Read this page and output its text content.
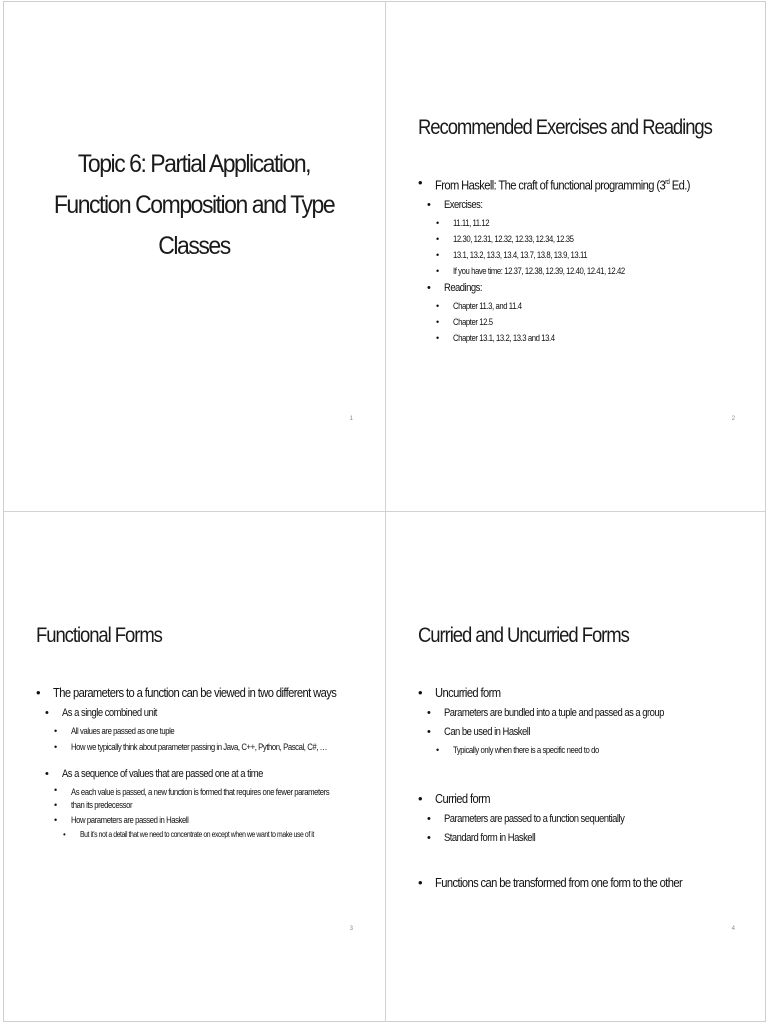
Topic 6: Partial Application,
Function Composition and Type
Classes
1
Recommended Exercises and Readings
• From Haskell: The craft of functional programming (3rd Ed.)
• Exercises:
• 11.11, 11.12
• 12.30, 12.31, 12.32, 12.33, 12.34, 12.35
• 13.1, 13.2, 13.3, 13.4, 13.7, 13.8, 13.9, 13.11
• If you have time: 12.37, 12.38, 12.39, 12.40, 12.41, 12.42
• Readings:
• Chapter 11.3, and 11.4
• Chapter 12.5
• Chapter 13.1, 13.2, 13.3 and 13.4
2
Functional Forms
• The parameters to a function can be viewed in two different ways
• As a single combined unit
• All values are passed as one tuple
• How we typically think about parameter passing in Java, C++, Python, Pascal, C#, …
• As a sequence of values that are passed one at a time
• As each value is passed, a new function is formed that requires one fewer parameters
• than its predecessor
• How parameters are passed in Haskell
• But it’s not a detail that we need to concentrate on except when we want to make use of it
3
Curried and Uncurried Forms
• Uncurried form
• Parameters are bundled into a tuple and passed as a group
• Can be used in Haskell
• Typically only when there is a specific need to do
• Curried form
• Parameters are passed to a function sequentially
• Standard form in Haskell
• Functions can be transformed from one form to the other
4
